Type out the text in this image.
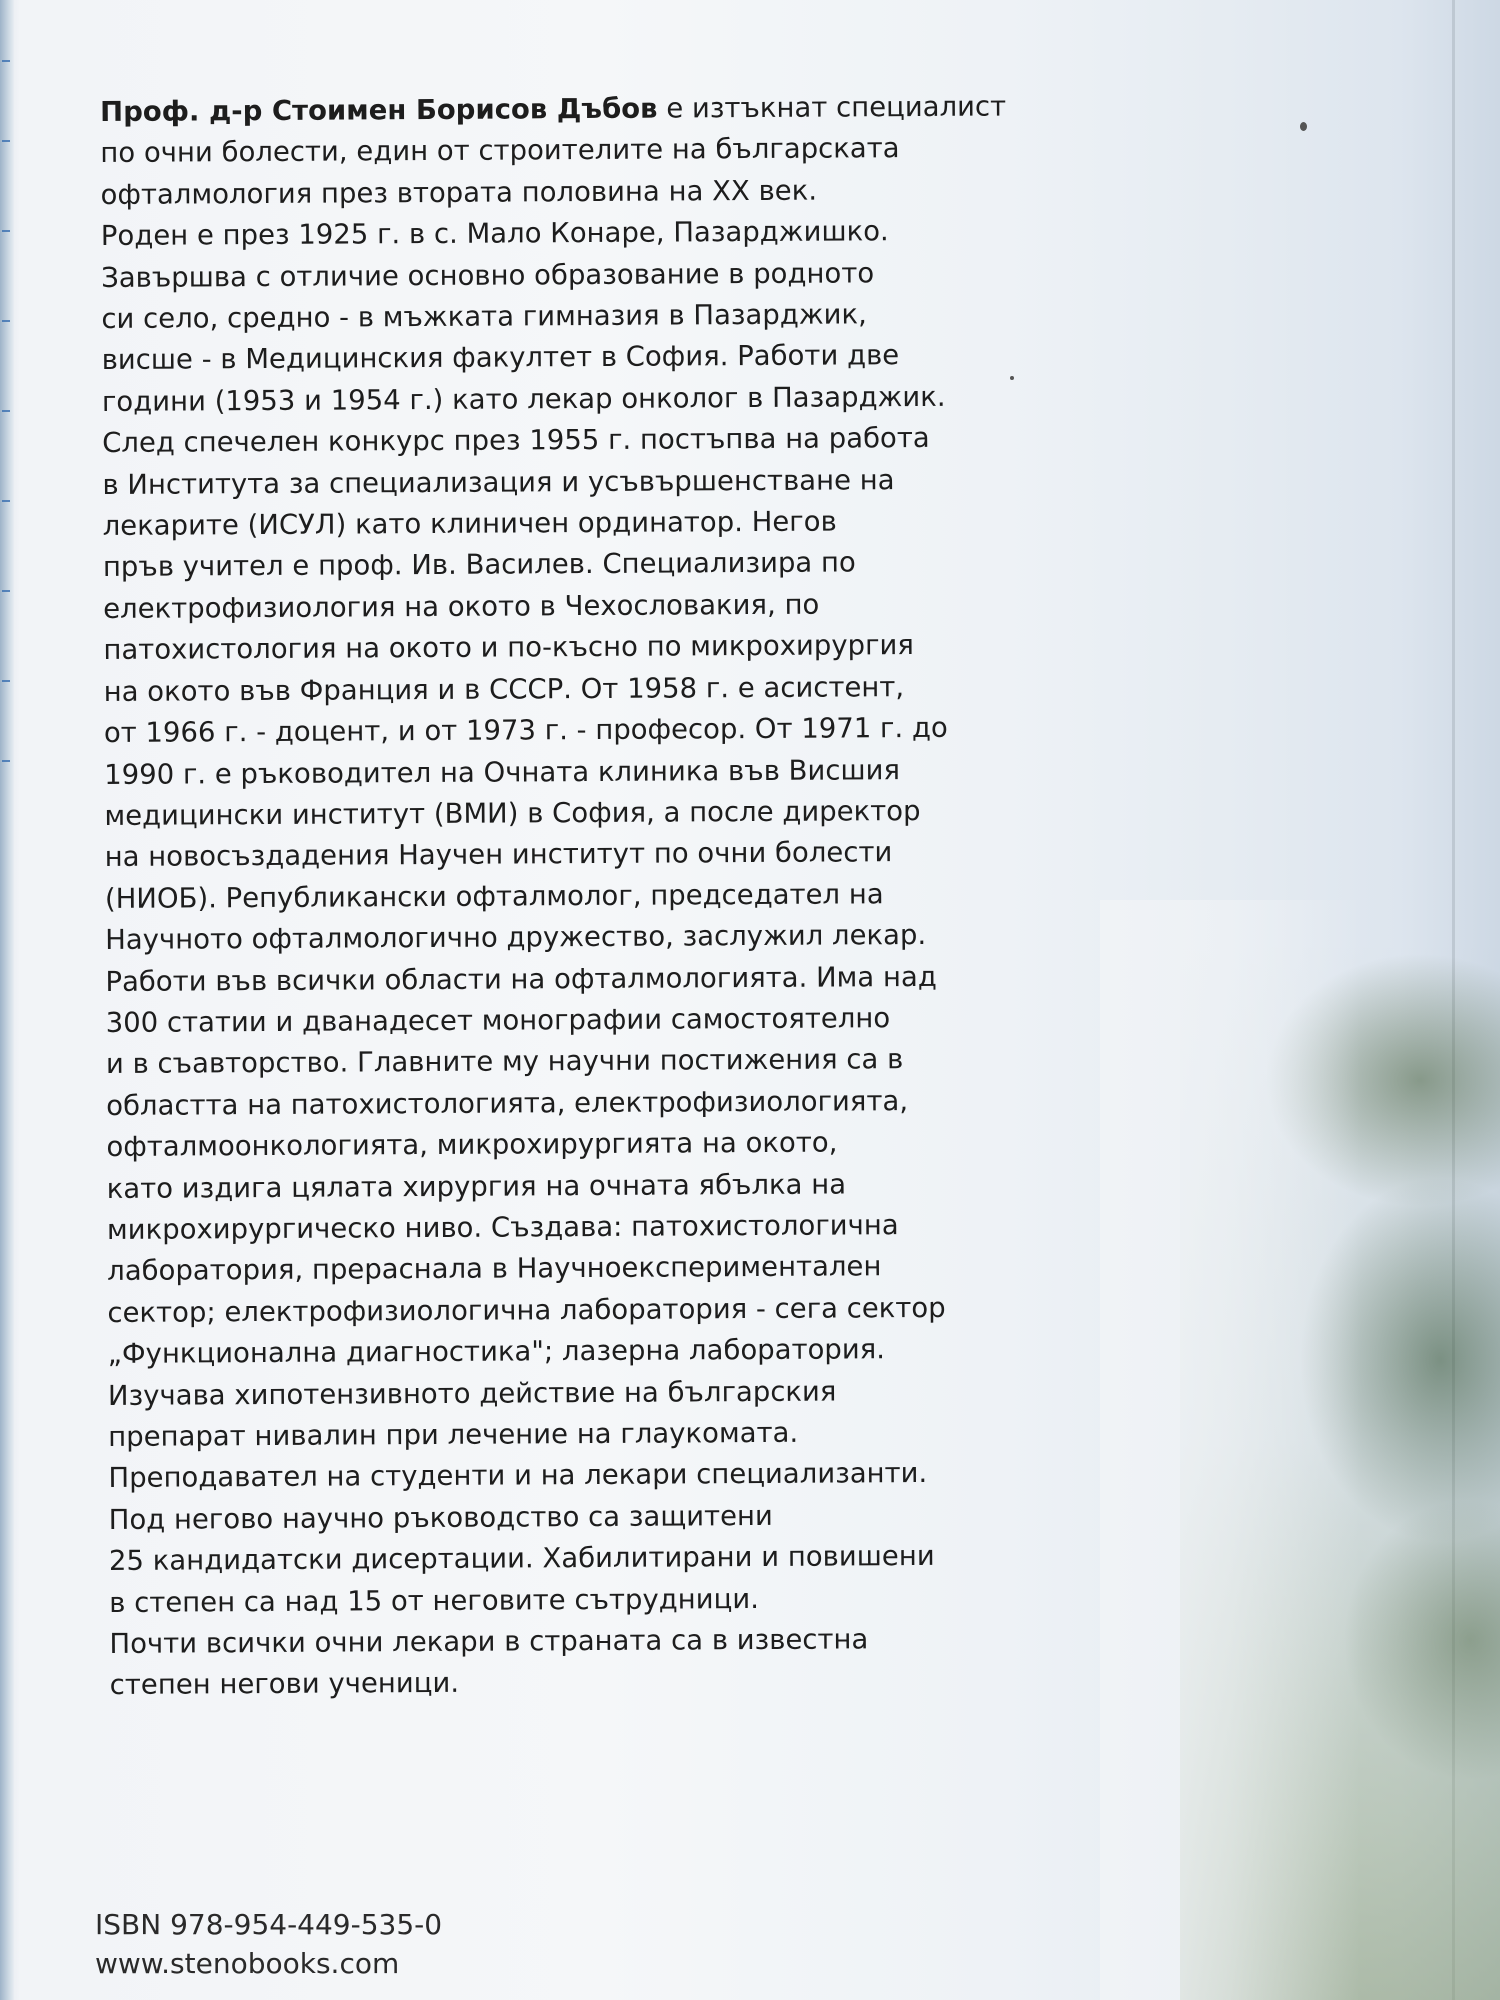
Проф. д-р Стоимен Борисов Дъбов е изтъкнат специалист
по очни болести, един от строителите на българската
офталмология през втората половина на XX век.
Роден е през 1925 г. в с. Мало Конаре, Пазарджишко.
Завършва с отличие основно образование в родното
си село, средно - в мъжката гимназия в Пазарджик,
висше - в Медицинския факултет в София. Работи две
години (1953 и 1954 г.) като лекар онколог в Пазарджик.
След спечелен конкурс през 1955 г. постъпва на работа
в Института за специализация и усъвършенстване на
лекарите (ИСУЛ) като клиничен ординатор. Негов
пръв учител е проф. Ив. Василев. Специализира по
електрофизиология на окото в Чехословакия, по
патохистология на окото и по-късно по микрохирургия
на окото във Франция и в СССР. От 1958 г. е асистент,
от 1966 г. - доцент, и от 1973 г. - професор. От 1971 г. до
1990 г. е ръководител на Очната клиника във Висшия
медицински институт (ВМИ) в София, а после директор
на новосъздадения Научен институт по очни болести
(НИОБ). Републикански офталмолог, председател на
Научното офталмологично дружество, заслужил лекар.
Работи във всички области на офталмологията. Има над
300 статии и дванадесет монографии самостоятелно
и в съавторство. Главните му научни постижения са в
областта на патохистологията, електрофизиологията,
офталмоонкологията, микрохирургията на окото,
като издига цялата хирургия на очната ябълка на
микрохирургическо ниво. Създава: патохистологична
лаборатория, прераснала в Научноекспериментален
сектор; електрофизиологична лаборатория - сега сектор
„Функционална диагностика"; лазерна лаборатория.
Изучава хипотензивното действие на българския
препарат нивалин при лечение на глаукомата.
Преподавател на студенти и на лекари специализанти.
Под негово научно ръководство са защитени
25 кандидатски дисертации. Хабилитирани и повишени
в степен са над 15 от неговите сътрудници.
Почти всички очни лекари в страната са в известна
степен негови ученици.
ISBN 978-954-449-535-0
www.stenobooks.com
